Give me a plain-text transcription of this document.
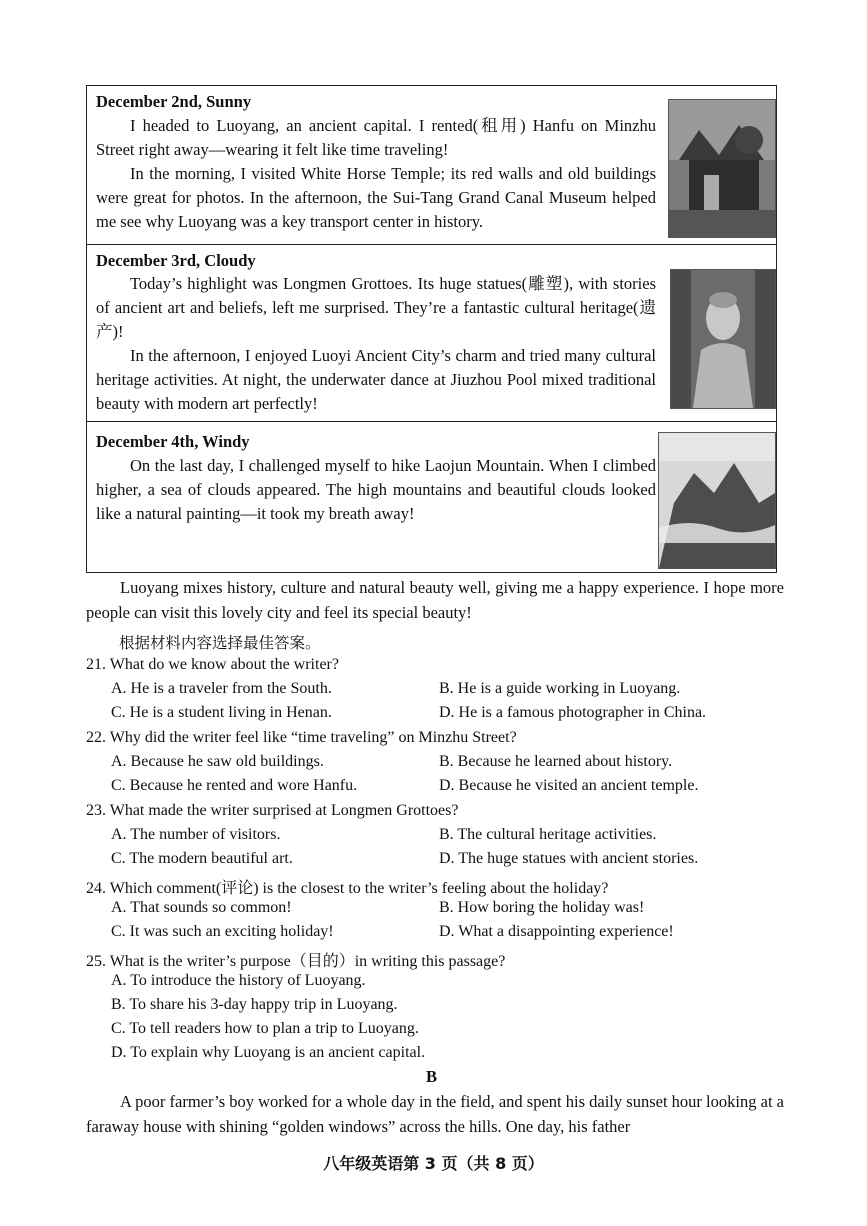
December 2nd, Sunny

I headed to Luoyang, an ancient capital. I rented(租用) Hanfu on Minzhu Street right away—wearing it felt like time traveling!

In the morning, I visited White Horse Temple; its red walls and old buildings were great for photos. In the afternoon, the Sui-Tang Grand Canal Museum helped me see why Luoyang was a key transport center in history.

December 3rd, Cloudy

Today’s highlight was Longmen Grottoes. Its huge statues(雕塑), with stories of ancient art and beliefs, left me surprised. They’re a fantastic cultural heritage(遗产)!

In the afternoon, I enjoyed Luoyi Ancient City’s charm and tried many cultural heritage activities. At night, the underwater dance at Jiuzhou Pool mixed traditional beauty with modern art perfectly!

December 4th, Windy

On the last day, I challenged myself to hike Laojun Mountain. When I climbed higher, a sea of clouds appeared. The high mountains and beautiful clouds looked like a natural painting—it took my breath away!

Luoyang mixes history, culture and natural beauty well, giving me a happy experience. I hope more people can visit this lovely city and feel its special beauty!

根据材料内容选择最佳答案。
21. What do we know about the writer?
A. He is a traveler from the South.	B. He is a guide working in Luoyang.
C. He is a student living in Henan.	D. He is a famous photographer in China.
22. Why did the writer feel like “time traveling” on Minzhu Street?
A. Because he saw old buildings.	B. Because he learned about history.
C. Because he rented and wore Hanfu.	D. Because he visited an ancient temple.
23. What made the writer surprised at Longmen Grottoes?
A. The number of visitors.	B. The cultural heritage activities.
C. The modern beautiful art.	D. The huge statues with ancient stories.
24. Which comment(评论) is the closest to the writer’s feeling about the holiday?
A. That sounds so common!	B. How boring the holiday was!
C. It was such an exciting holiday!	D. What a disappointing experience!
25. What is the writer’s purpose（目的）in writing this passage?
A. To introduce the history of Luoyang.
B. To share his 3-day happy trip in Luoyang.
C. To tell readers how to plan a trip to Luoyang.
D. To explain why Luoyang is an ancient capital.
B

A poor farmer’s boy worked for a whole day in the field, and spent his daily sunset hour looking at a faraway house with shining “golden windows” across the hills. One day, his father

八年级英语第 3 页（共 8 页）
